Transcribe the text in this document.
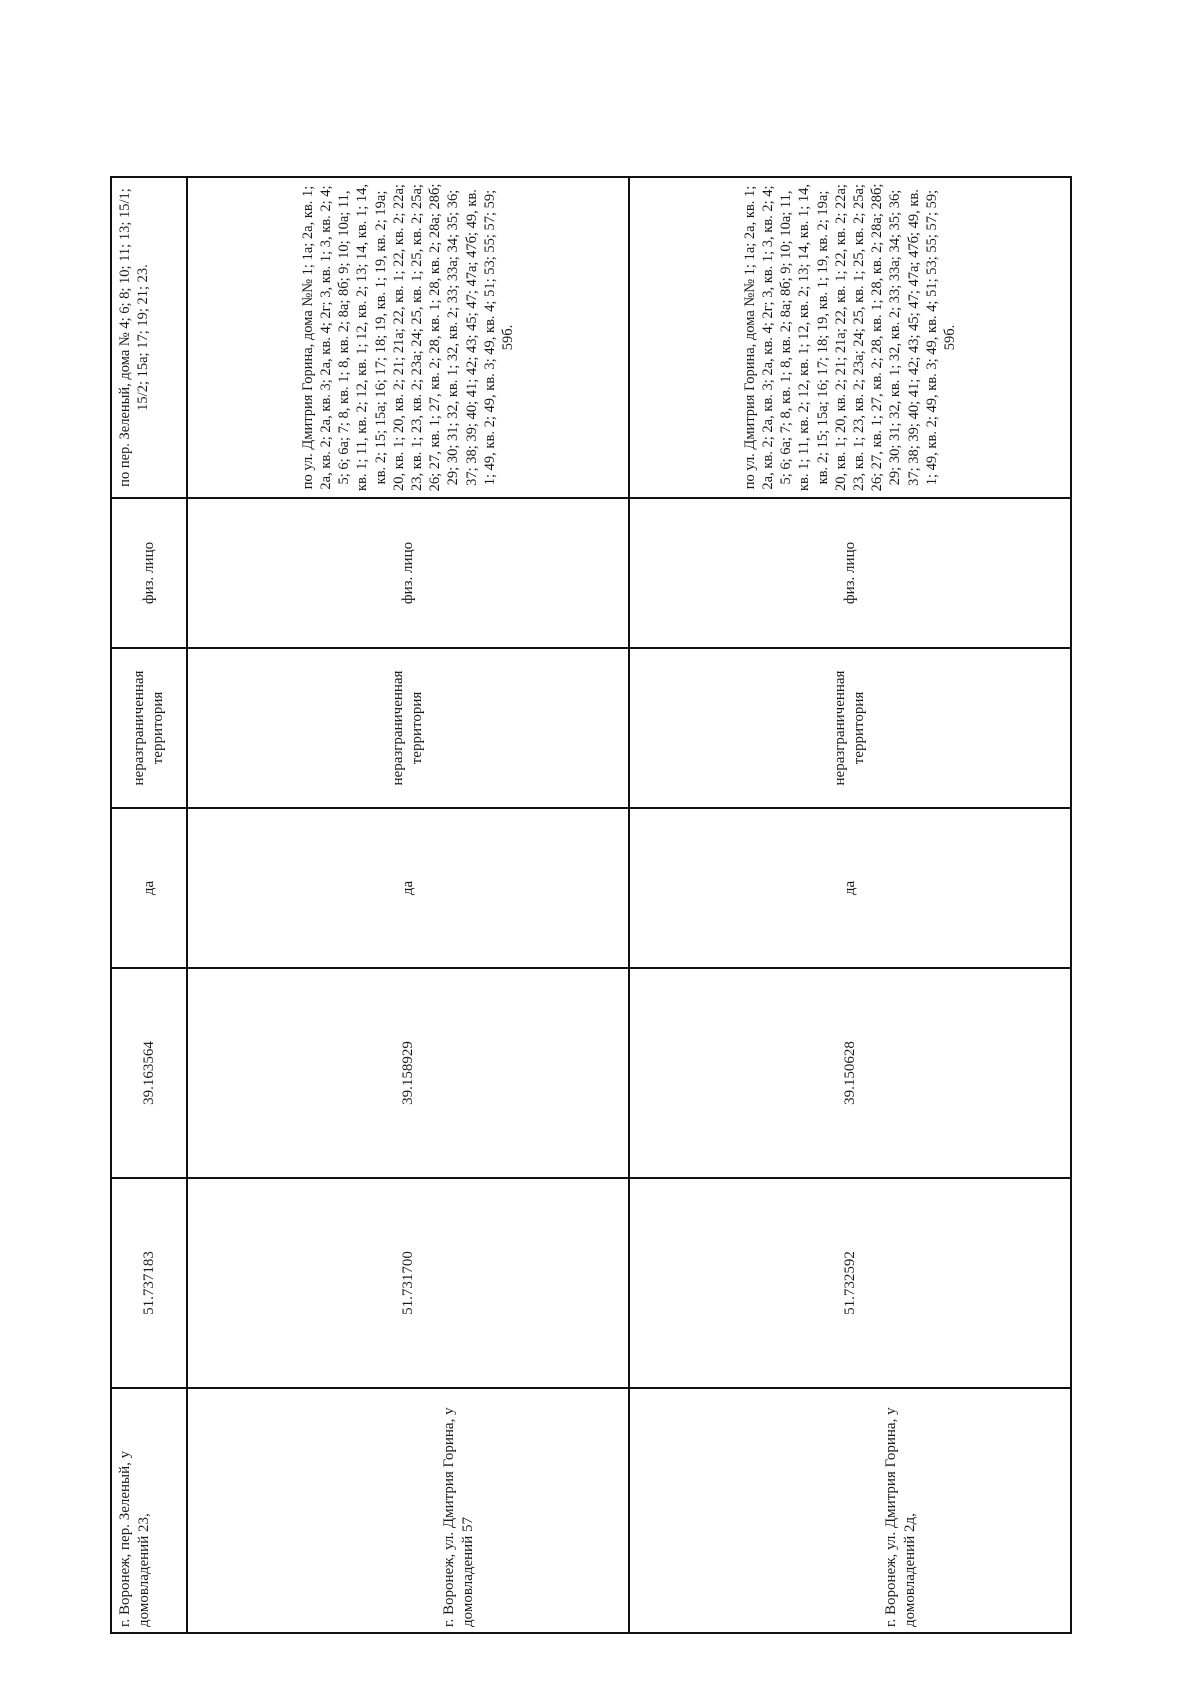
г. Воронеж, пер. Зеленый, у домовладений 23,	51.737183	39.163564	да	неразграниченная территория	физ. лицо	по пер. Зеленый, дома № 4; 6; 8; 10; 11; 13; 15/1; 15/2; 15а; 17; 19; 21; 23.
г. Воронеж, ул. Дмитрия Горина, у домовладений 57	51.731700	39.158929	да	неразграниченная территория	физ. лицо	по ул. Дмитрия Горина, дома №№ 1; 1а; 2а, кв. 1; 2а, кв. 2; 2а, кв. 3; 2а, кв. 4; 2г; 3, кв. 1; 3, кв. 2; 4; 5; 6; 6а; 7; 8, кв. 1; 8, кв. 2; 8а; 8б; 9; 10; 10а; 11, кв. 1; 11, кв. 2; 12, кв. 1; 12, кв. 2; 13; 14, кв. 1; 14, кв. 2; 15; 15а; 16; 17; 18; 19, кв. 1; 19, кв. 2; 19а; 20, кв. 1; 20, кв. 2; 21; 21а; 22, кв. 1; 22, кв. 2; 22а; 23, кв. 1; 23, кв. 2; 23а; 24; 25, кв. 1; 25, кв. 2; 25а; 26; 27, кв. 1; 27, кв. 2; 28, кв. 1; 28, кв. 2; 28а; 28б; 29; 30; 31; 32, кв. 1; 32, кв. 2; 33; 33а; 34; 35; 36; 37; 38; 39; 40; 41; 42; 43; 45; 47; 47а; 47б; 49, кв. 1; 49, кв. 2; 49, кв. 3; 49, кв. 4; 51; 53; 55; 57; 59; 59б.
г. Воронеж, ул. Дмитрия Горина, у домовладений 2д,	51.732592	39.150628	да	неразграниченная территория	физ. лицо	по ул. Дмитрия Горина, дома №№ 1; 1а; 2а, кв. 1; 2а, кв. 2; 2а, кв. 3; 2а, кв. 4; 2г; 3, кв. 1; 3, кв. 2; 4; 5; 6; 6а; 7; 8, кв. 1; 8, кв. 2; 8а; 8б; 9; 10; 10а; 11, кв. 1; 11, кв. 2; 12, кв. 1; 12, кв. 2; 13; 14, кв. 1; 14, кв. 2; 15; 15а; 16; 17; 18; 19, кв. 1; 19, кв. 2; 19а; 20, кв. 1; 20, кв. 2; 21; 21а; 22, кв. 1; 22, кв. 2; 22а; 23, кв. 1; 23, кв. 2; 23а; 24; 25, кв. 1; 25, кв. 2; 25а; 26; 27, кв. 1; 27, кв. 2; 28, кв. 1; 28, кв. 2; 28а; 28б; 29; 30; 31; 32, кв. 1; 32, кв. 2; 33; 33а; 34; 35; 36; 37; 38; 39; 40; 41; 42; 43; 45; 47; 47а; 47б; 49, кв. 1; 49, кв. 2; 49, кв. 3; 49, кв. 4; 51; 53; 55; 57; 59; 59б.
